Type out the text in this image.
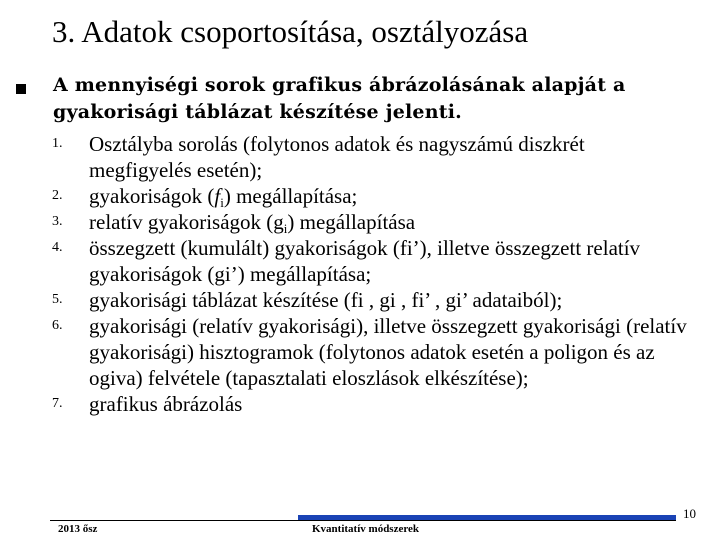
3. Adatok csoportosítása, osztályozása
A mennyiségi sorok grafikus ábrázolásának alapját a gyakorisági táblázat készítése jelenti.
1.	Osztályba sorolás (folytonos adatok és nagyszámú diszkrét megfigyelés esetén);
2.	gyakoriságok $(f_i)$ megállapítása;
3.	relatív gyakoriságok $(g_i)$ megállapítása
4.	összegzett (kumulált) gyakoriságok (fi’), illetve összegzett relatív gyakoriságok (gi’) megállapítása;
5.	gyakorisági táblázat készítése (fi , gi , fi’ , gi’ adataiból);
6.	gyakorisági (relatív gyakorisági), illetve összegzett gyakorisági (relatív gyakorisági) hisztogramok (folytonos adatok esetén a poligon és az ogiva) felvétele (tapasztalati eloszlások elkészítése);
7.	grafikus ábrázolás
2013 ősz	Kvantitatív módszerek
10
